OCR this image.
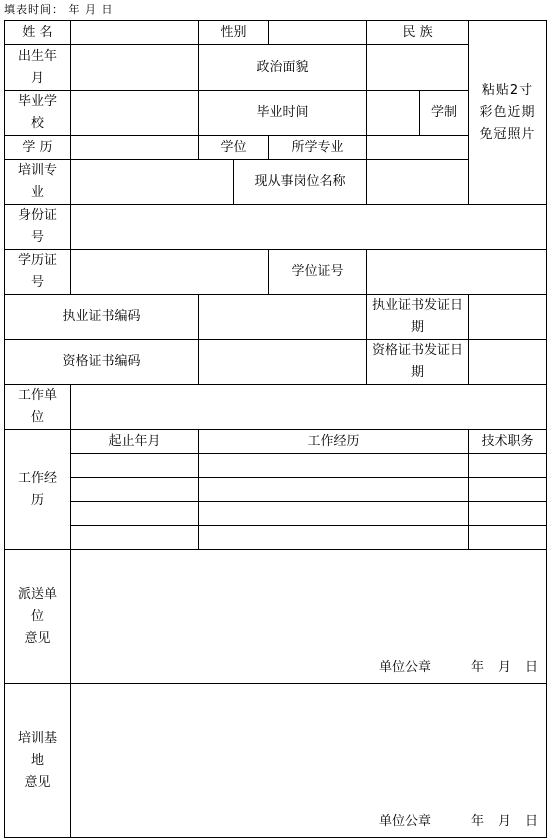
填表时间： 年 月 日
姓 名		性别			民 族		粘贴2寸
彩色近期
免冠照片

出生年
月		政治面貌					

毕业学
校		毕业时间				学制	
学 历		学位		所学专业			

培训专
业			现从事岗位名称				

身份证
号							

学历证
号				学位证号			
执业证书编码					执业证书发证日期		
资格证书编码					资格证书发证日期		

工作单
位							

工作经
历	起止年月	工作经历					技术职务

派送单
位
意见	单位公章 年 月 日						

培训基
地
意见	单位公章 年 月 日						
